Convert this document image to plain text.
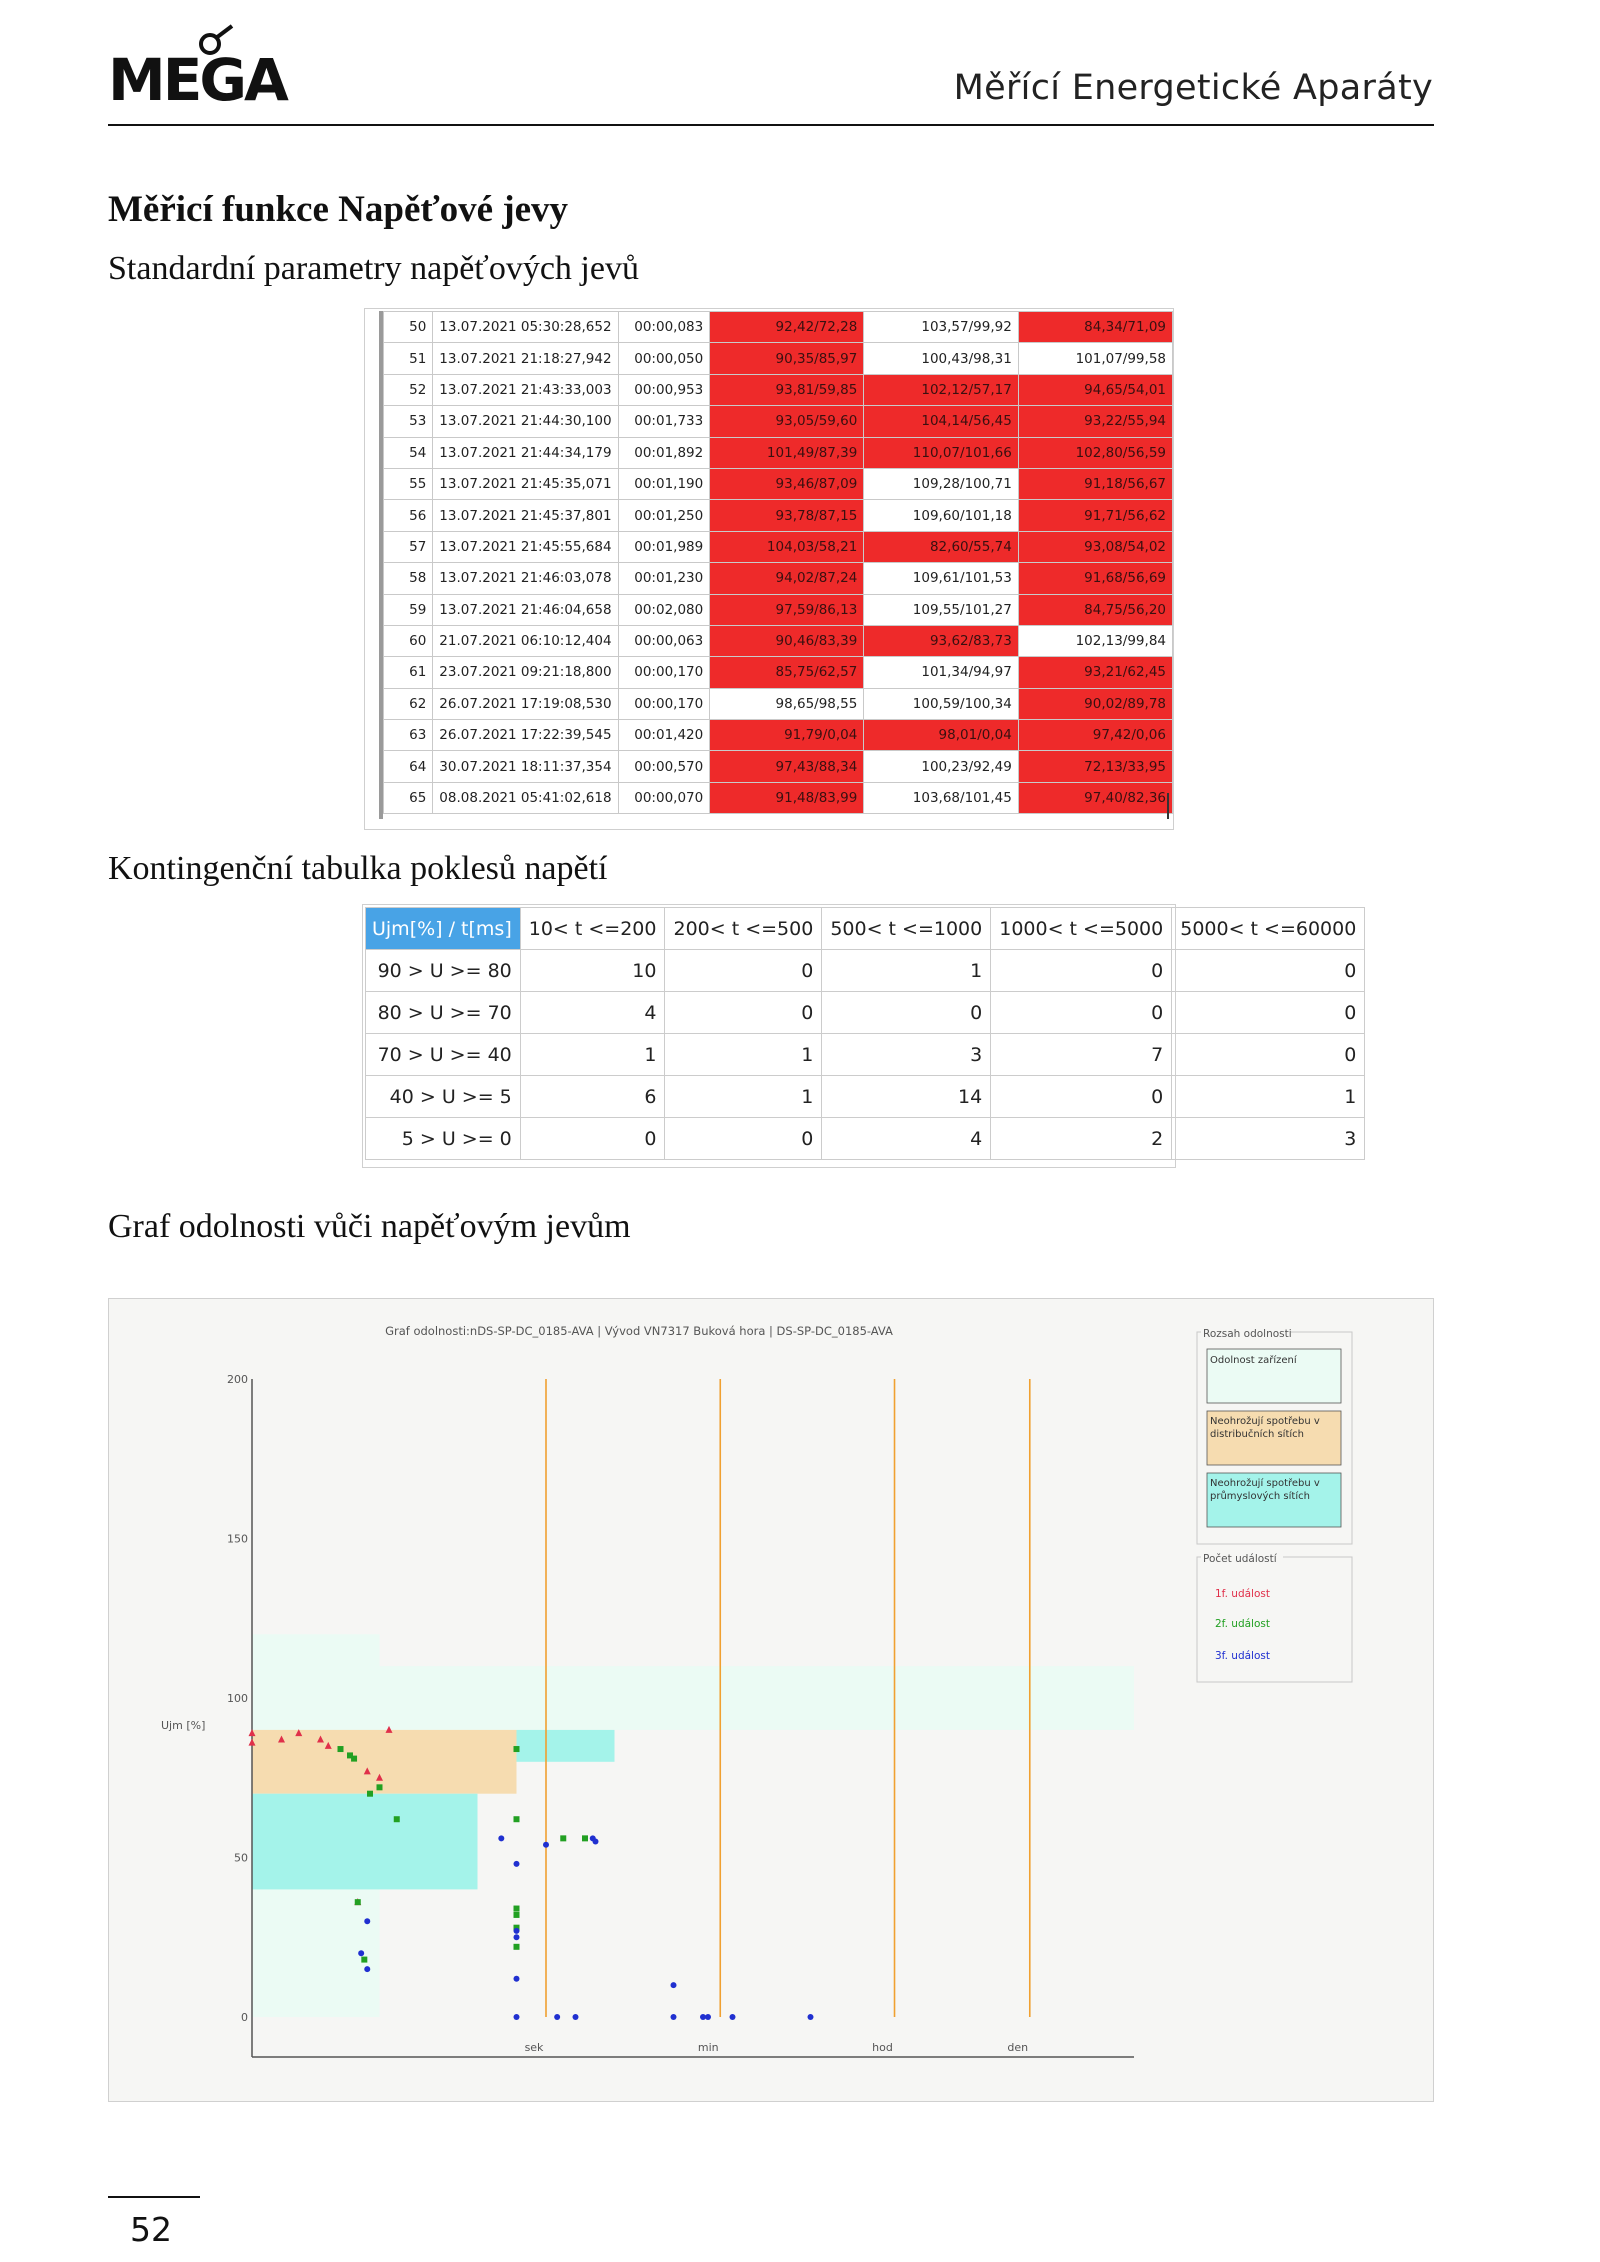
MEGA	Měřící Energetické Aparáty
Měřicí funkce Napěťové jevy
Standardní parametry napěťových jevů
50	13.07.2021 05:30:28,652	00:00,083	92,42/72,28	103,57/99,92	84,34/71,09
51	13.07.2021 21:18:27,942	00:00,050	90,35/85,97	100,43/98,31	101,07/99,58
52	13.07.2021 21:43:33,003	00:00,953	93,81/59,85	102,12/57,17	94,65/54,01
53	13.07.2021 21:44:30,100	00:01,733	93,05/59,60	104,14/56,45	93,22/55,94
54	13.07.2021 21:44:34,179	00:01,892	101,49/87,39	110,07/101,66	102,80/56,59
55	13.07.2021 21:45:35,071	00:01,190	93,46/87,09	109,28/100,71	91,18/56,67
56	13.07.2021 21:45:37,801	00:01,250	93,78/87,15	109,60/101,18	91,71/56,62
57	13.07.2021 21:45:55,684	00:01,989	104,03/58,21	82,60/55,74	93,08/54,02
58	13.07.2021 21:46:03,078	00:01,230	94,02/87,24	109,61/101,53	91,68/56,69
59	13.07.2021 21:46:04,658	00:02,080	97,59/86,13	109,55/101,27	84,75/56,20
60	21.07.2021 06:10:12,404	00:00,063	90,46/83,39	93,62/83,73	102,13/99,84
61	23.07.2021 09:21:18,800	00:00,170	85,75/62,57	101,34/94,97	93,21/62,45
62	26.07.2021 17:19:08,530	00:00,170	98,65/98,55	100,59/100,34	90,02/89,78
63	26.07.2021 17:22:39,545	00:01,420	91,79/0,04	98,01/0,04	97,42/0,06
64	30.07.2021 18:11:37,354	00:00,570	97,43/88,34	100,23/92,49	72,13/33,95
65	08.08.2021 05:41:02,618	00:00,070	91,48/83,99	103,68/101,45	97,40/82,36
Kontingenční tabulka poklesů napětí
Ujm[%] / t[ms]	10< t <=200	200< t <=500	500< t <=1000	1000< t <=5000	5000< t <=60000
90 > U >= 80	10	0	1	0	0
80 > U >= 70	4	0	0	0	0
70 > U >= 40	1	1	3	7	0
40 > U >= 5	6	1	14	0	1
5 > U >= 0	0	0	4	2	3
Graf odolnosti vůči napěťovým jevům
0
50
100
150
200
sek	min	hod	den
Graf odolnosti:nDS-SP-DC_0185-AVA | Vývod VN7317 Buková hora | DS-SP-DC_0185-AVA
Ujm [%]
Rozsah odolnosti
Odolnost zařízení
Neohrožují spotřebu v distribučních sítích
Neohrožují spotřebu v průmyslových sítích
Počet událostí
1f. událost
2f. událost
3f. událost
52
